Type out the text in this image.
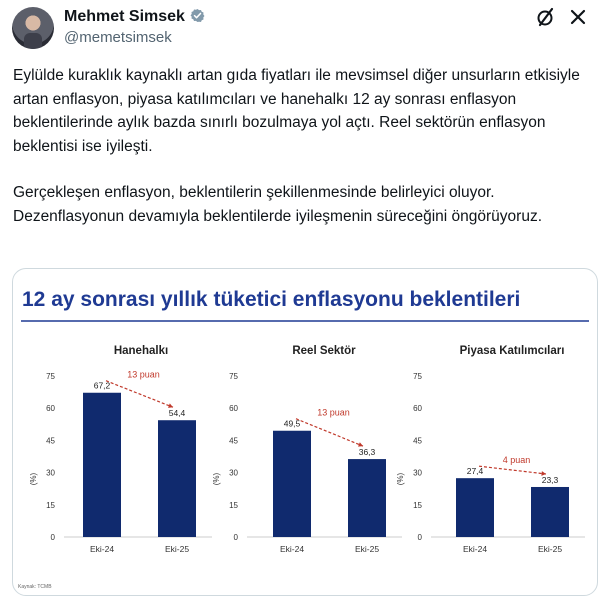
Mehmet Simsek
@memetsimsek

Eylülde kuraklık kaynaklı artan gıda fiyatları ile mevsimsel diğer unsurların etkisiyle artan enflasyon, piyasa katılımcıları ve hanehalkı 12 ay sonrası enflasyon beklentilerinde aylık bazda sınırlı bozulmaya yol açtı. Reel sektörün enflasyon beklentisi ise iyileşti.

Gerçekleşen enflasyon, beklentilerin şekillenmesinde belirleyici oluyor. Dezenflasyonun devamıyla beklentilerde iyileşmenin süreceğini öngörüyoruz.

12 ay sonrası yıllık tüketici enflasyonu beklentileri
Hanehalkı
0
15
30
45
60
75
(%)
67,2
Eki-24
54,4
Eki-25
13 puan
Reel Sektör
0
15
30
45
60
75
(%)
49,5
Eki-24
36,3
Eki-25
13 puan
Piyasa Katılımcıları
0
15
30
45
60
75
(%)
27,4
Eki-24
23,3
Eki-25
4 puan
Kaynak: TCMB
